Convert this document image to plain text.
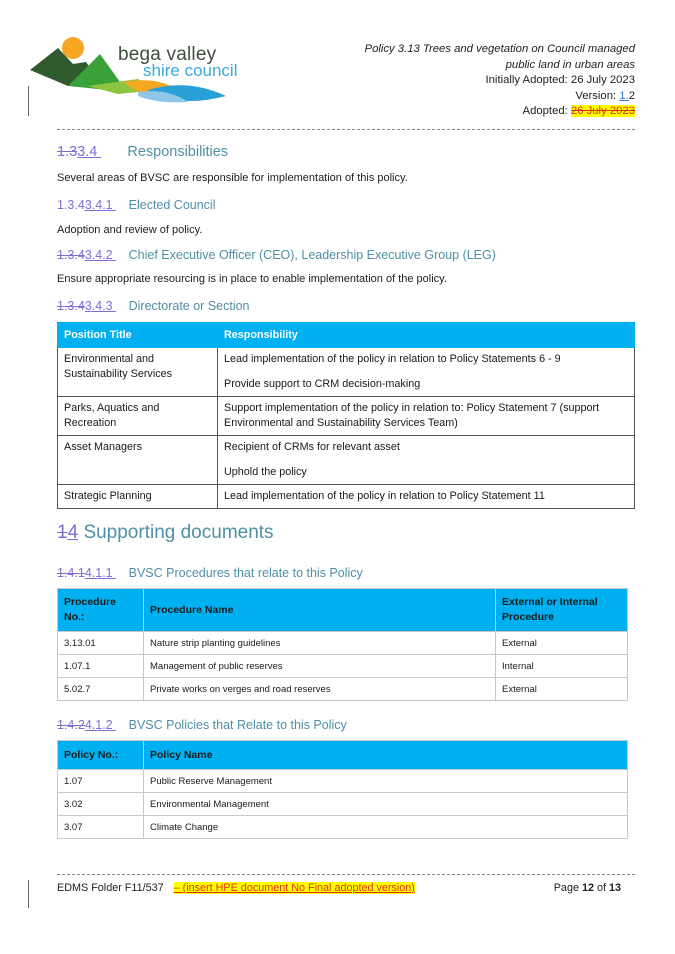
bega valley
shire council
Policy 3.13 Trees and vegetation on Council managed
public land in urban areas
Initially Adopted: 26 July 2023
Version: 1.2
Adopted: 26 July 2023
1.33.4 Responsibilities
Several areas of BVSC are responsible for implementation of this policy.
1.3.43.4.1 Elected Council
Adoption and review of policy.
1.3.43.4.2 Chief Executive Officer (CEO), Leadership Executive Group (LEG)
Ensure appropriate resourcing is in place to enable implementation of the policy.
1.3.43.4.3 Directorate or Section
Position Title	Responsibility
Environmental and Sustainability Services	Lead implementation of the policy in relation to Policy Statements 6 - 9

Provide support to CRM decision-making

Parks, Aquatics and Recreation	Support implementation of the policy in relation to: Policy Statement 7 (support Environmental and Sustainability Services Team)
Asset Managers	Recipient of CRMs for relevant asset

Uphold the policy

Strategic Planning	Lead implementation of the policy in relation to Policy Statement 11
14 Supporting documents
1.4.14.1.1 BVSC Procedures that relate to this Policy
Procedure No.:	Procedure Name	External or Internal Procedure
3.13.01	Nature strip planting guidelines	External
1.07.1	Management of public reserves	Internal
5.02.7	Private works on verges and road reserves	External
1.4.24.1.2 BVSC Policies that Relate to this Policy
Policy No.:	Policy Name
1.07	Public Reserve Management
3.02	Environmental Management
3.07	Climate Change
EDMS Folder F11/537 – (insert HPE document No Final adopted version)	Page 12 of 13
